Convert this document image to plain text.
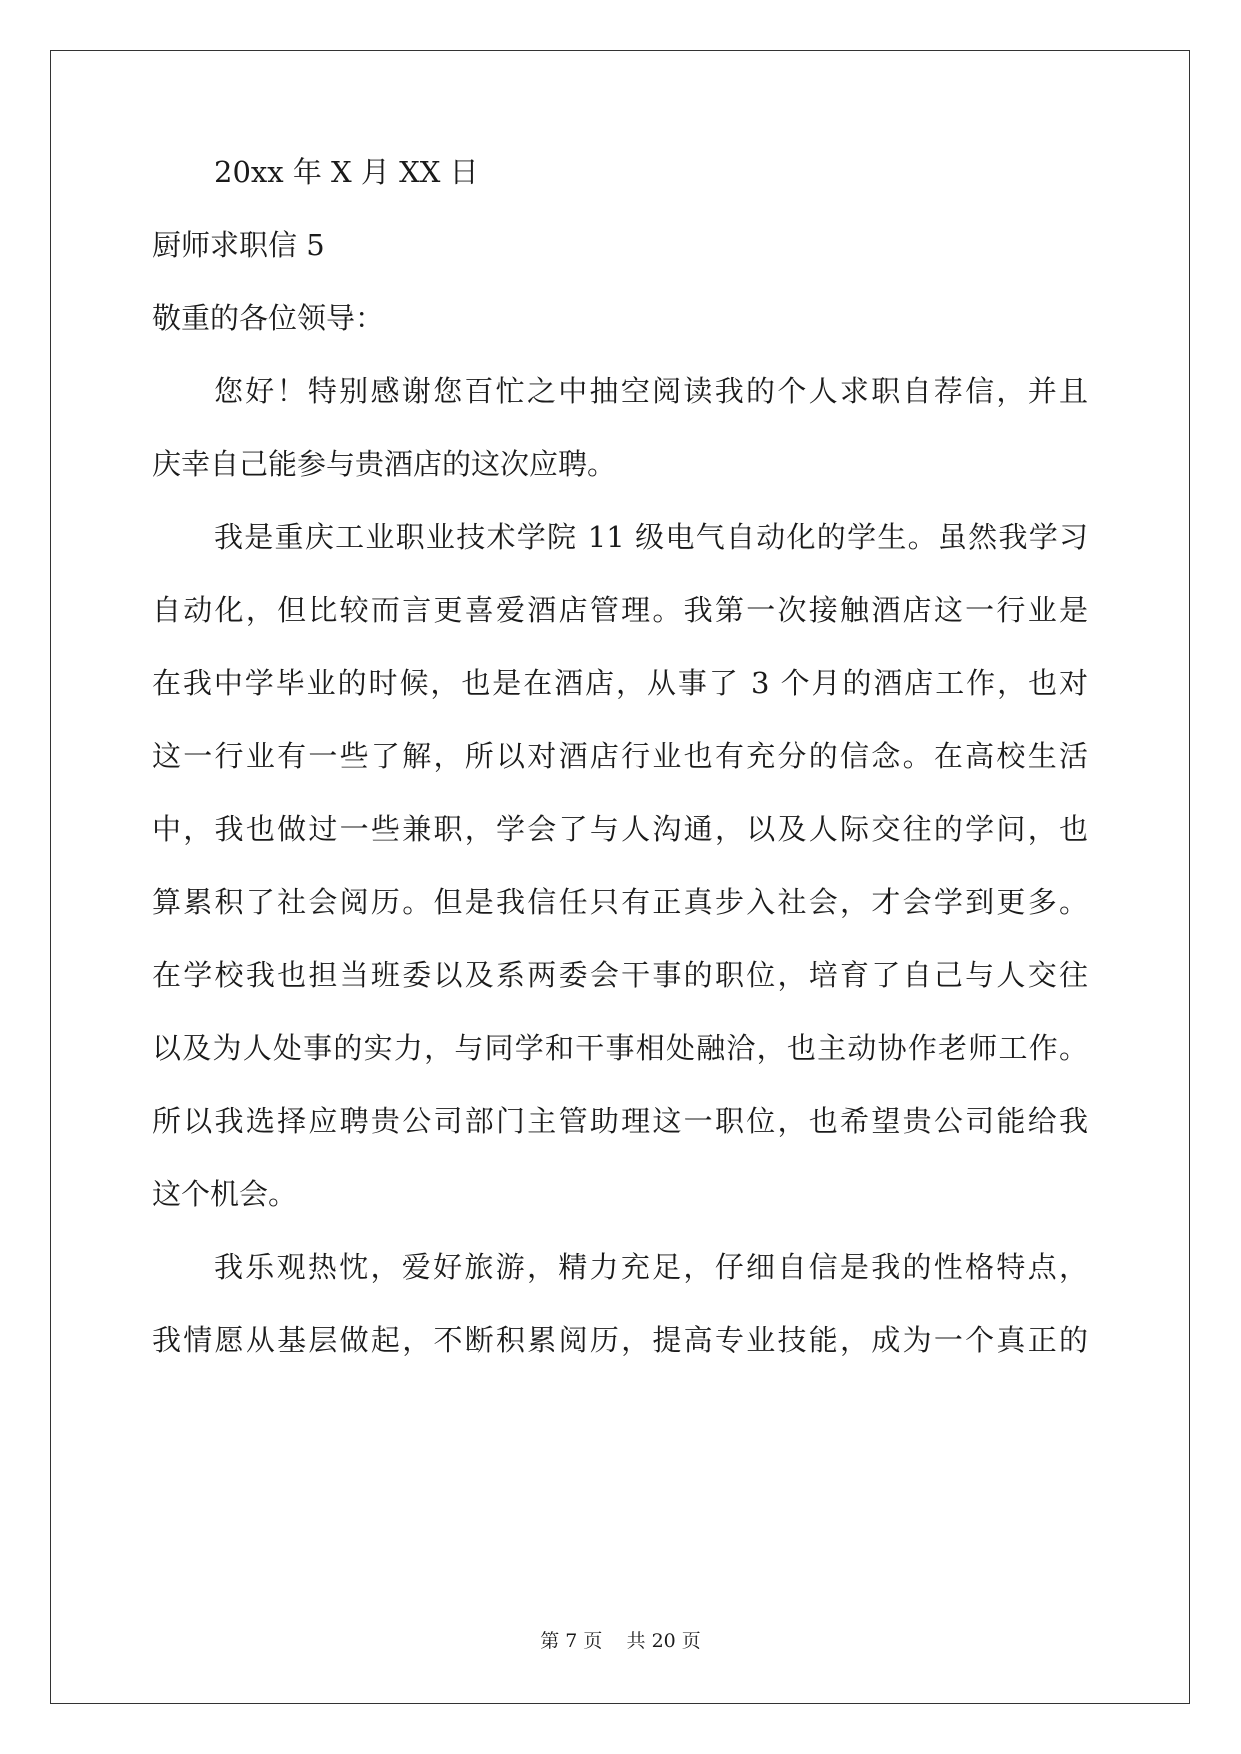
20xx 年 X 月 XX 日
厨师求职信 5
敬重的各位领导：
您好！特别感谢您百忙之中抽空阅读我的个人求职自荐信，并且
庆幸自己能参与贵酒店的这次应聘。
我是重庆工业职业技术学院 11 级电气自动化的学生。虽然我学习
自动化，但比较而言更喜爱酒店管理。我第一次接触酒店这一行业是
在我中学毕业的时候，也是在酒店，从事了 3 个月的酒店工作，也对
这一行业有一些了解，所以对酒店行业也有充分的信念。在高校生活
中，我也做过一些兼职，学会了与人沟通，以及人际交往的学问，也
算累积了社会阅历。但是我信任只有正真步入社会，才会学到更多。
在学校我也担当班委以及系两委会干事的职位，培育了自己与人交往
以及为人处事的实力，与同学和干事相处融洽，也主动协作老师工作。
所以我选择应聘贵公司部门主管助理这一职位，也希望贵公司能给我
这个机会。
我乐观热忱，爱好旅游，精力充足，仔细自信是我的性格特点，
我情愿从基层做起，不断积累阅历，提高专业技能，成为一个真正的
第 7 页    共 20 页
